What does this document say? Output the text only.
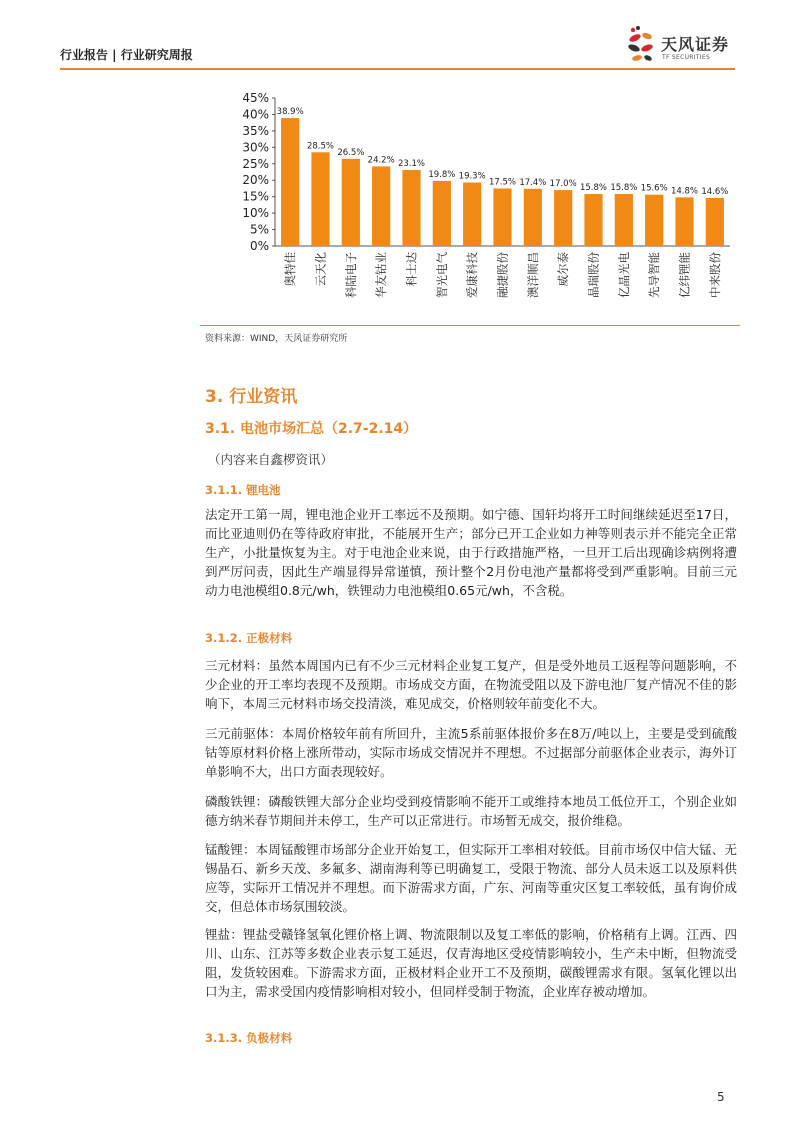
行业报告 | 行业研究周报
天风证券
TF SECURITIES
0%
5%
10%
15%
20%
25%
30%
35%
40%
45%
38.9%
奥特佳
28.5%
云天化
26.5%
科陆电子
24.2%
华友钴业
23.1%
科士达
19.8%
智光电气
19.3%
爱康科技
17.5%
融捷股份
17.4%
澳洋顺昌
17.0%
威尔泰
15.8%
晶瑞股份
15.8%
亿晶光电
15.6%
先导智能
14.8%
亿纬锂能
14.6%
中来股份
资料来源：WIND，天风证券研究所
3. 行业资讯
3.1. 电池市场汇总（2.7-2.14）
（内容来自鑫椤资讯）
3.1.1. 锂电池

法定开工第一周，锂电池企业开工率远不及预期。如宁德、国轩均将开工时间继续延迟至17日，而比亚迪则仍在等待政府审批，不能展开生产；部分已开工企业如力神等则表示并不能完全正常生产，小批量恢复为主。对于电池企业来说，由于行政措施严格，一旦开工后出现确诊病例将遭到严厉问责，因此生产端显得异常谨慎，预计整个2月份电池产量都将受到严重影响。目前三元动力电池模组0.8元/wh，铁锂动力电池模组0.65元/wh，不含税。

3.1.2. 正极材料

三元材料：虽然本周国内已有不少三元材料企业复工复产，但是受外地员工返程等问题影响，不少企业的开工率均表现不及预期。市场成交方面，在物流受阻以及下游电池厂复产情况不佳的影响下，本周三元材料市场交投清淡，难见成交，价格则较年前变化不大。

三元前驱体：本周价格较年前有所回升，主流5系前驱体报价多在8万/吨以上，主要是受到硫酸钴等原材料价格上涨所带动，实际市场成交情况并不理想。不过据部分前驱体企业表示，海外订单影响不大，出口方面表现较好。

磷酸铁锂：磷酸铁锂大部分企业均受到疫情影响不能开工或维持本地员工低位开工，个别企业如德方纳米春节期间并未停工，生产可以正常进行。市场暂无成交，报价维稳。

锰酸锂：本周锰酸锂市场部分企业开始复工，但实际开工率相对较低。目前市场仅中信大锰、无锡晶石、新乡天茂、多氟多、湖南海利等已明确复工，受限于物流、部分人员未返工以及原料供应等，实际开工情况并不理想。而下游需求方面，广东、河南等重灾区复工率较低，虽有询价成交，但总体市场氛围较淡。

锂盐：锂盐受赣锋氢氧化锂价格上调、物流限制以及复工率低的影响，价格稍有上调。江西、四川、山东、江苏等多数企业表示复工延迟，仅青海地区受疫情影响较小，生产未中断，但物流受阻，发货较困难。下游需求方面，正极材料企业开工不及预期，碳酸锂需求有限。氢氧化锂以出口为主，需求受国内疫情影响相对较小，但同样受制于物流，企业库存被动增加。

3.1.3. 负极材料
5
